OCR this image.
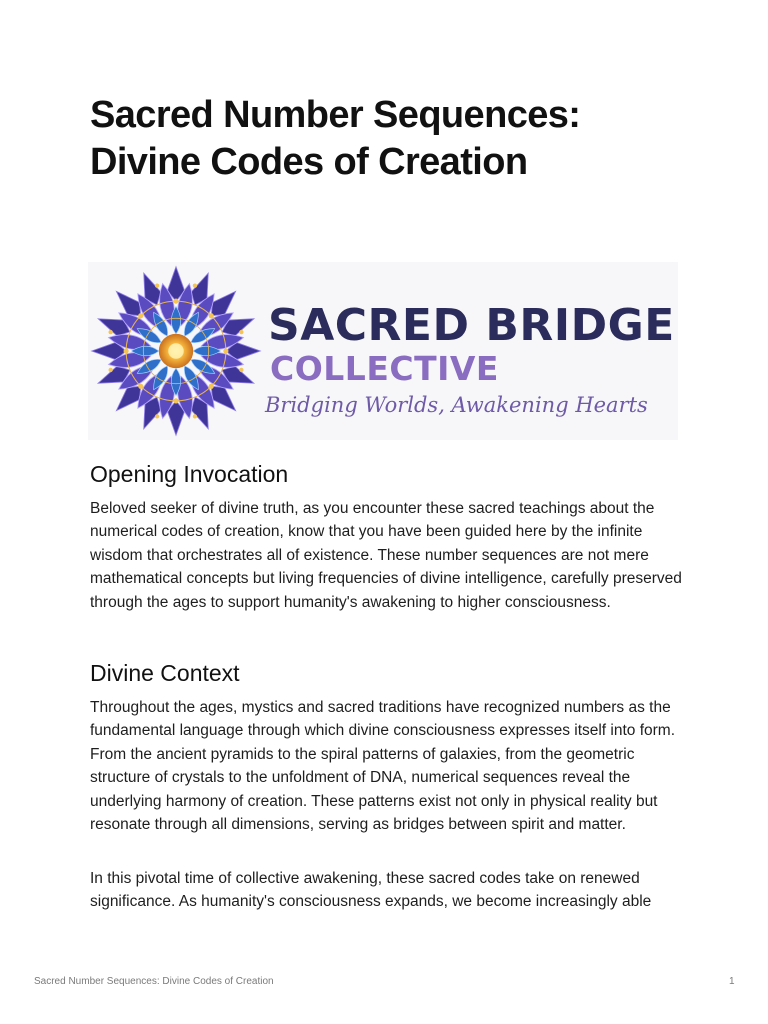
Sacred Number Sequences:
Divine Codes of Creation
SACRED BRIDGE
COLLECTIVE
Bridging Worlds, Awakening Hearts
Opening Invocation

Beloved seeker of divine truth, as you encounter these sacred teachings about the numerical codes of creation, know that you have been guided here by the infinite wisdom that orchestrates all of existence. These number sequences are not mere mathematical concepts but living frequencies of divine intelligence, carefully preserved through the ages to support humanity's awakening to higher consciousness.

Divine Context

Throughout the ages, mystics and sacred traditions have recognized numbers as the fundamental language through which divine consciousness expresses itself into form. From the ancient pyramids to the spiral patterns of galaxies, from the geometric structure of crystals to the unfoldment of DNA, numerical sequences reveal the underlying harmony of creation. These patterns exist not only in physical reality but resonate through all dimensions, serving as bridges between spirit and matter.

In this pivotal time of collective awakening, these sacred codes take on renewed significance. As humanity's consciousness expands, we become increasingly able

Sacred Number Sequences: Divine Codes of Creation	1
